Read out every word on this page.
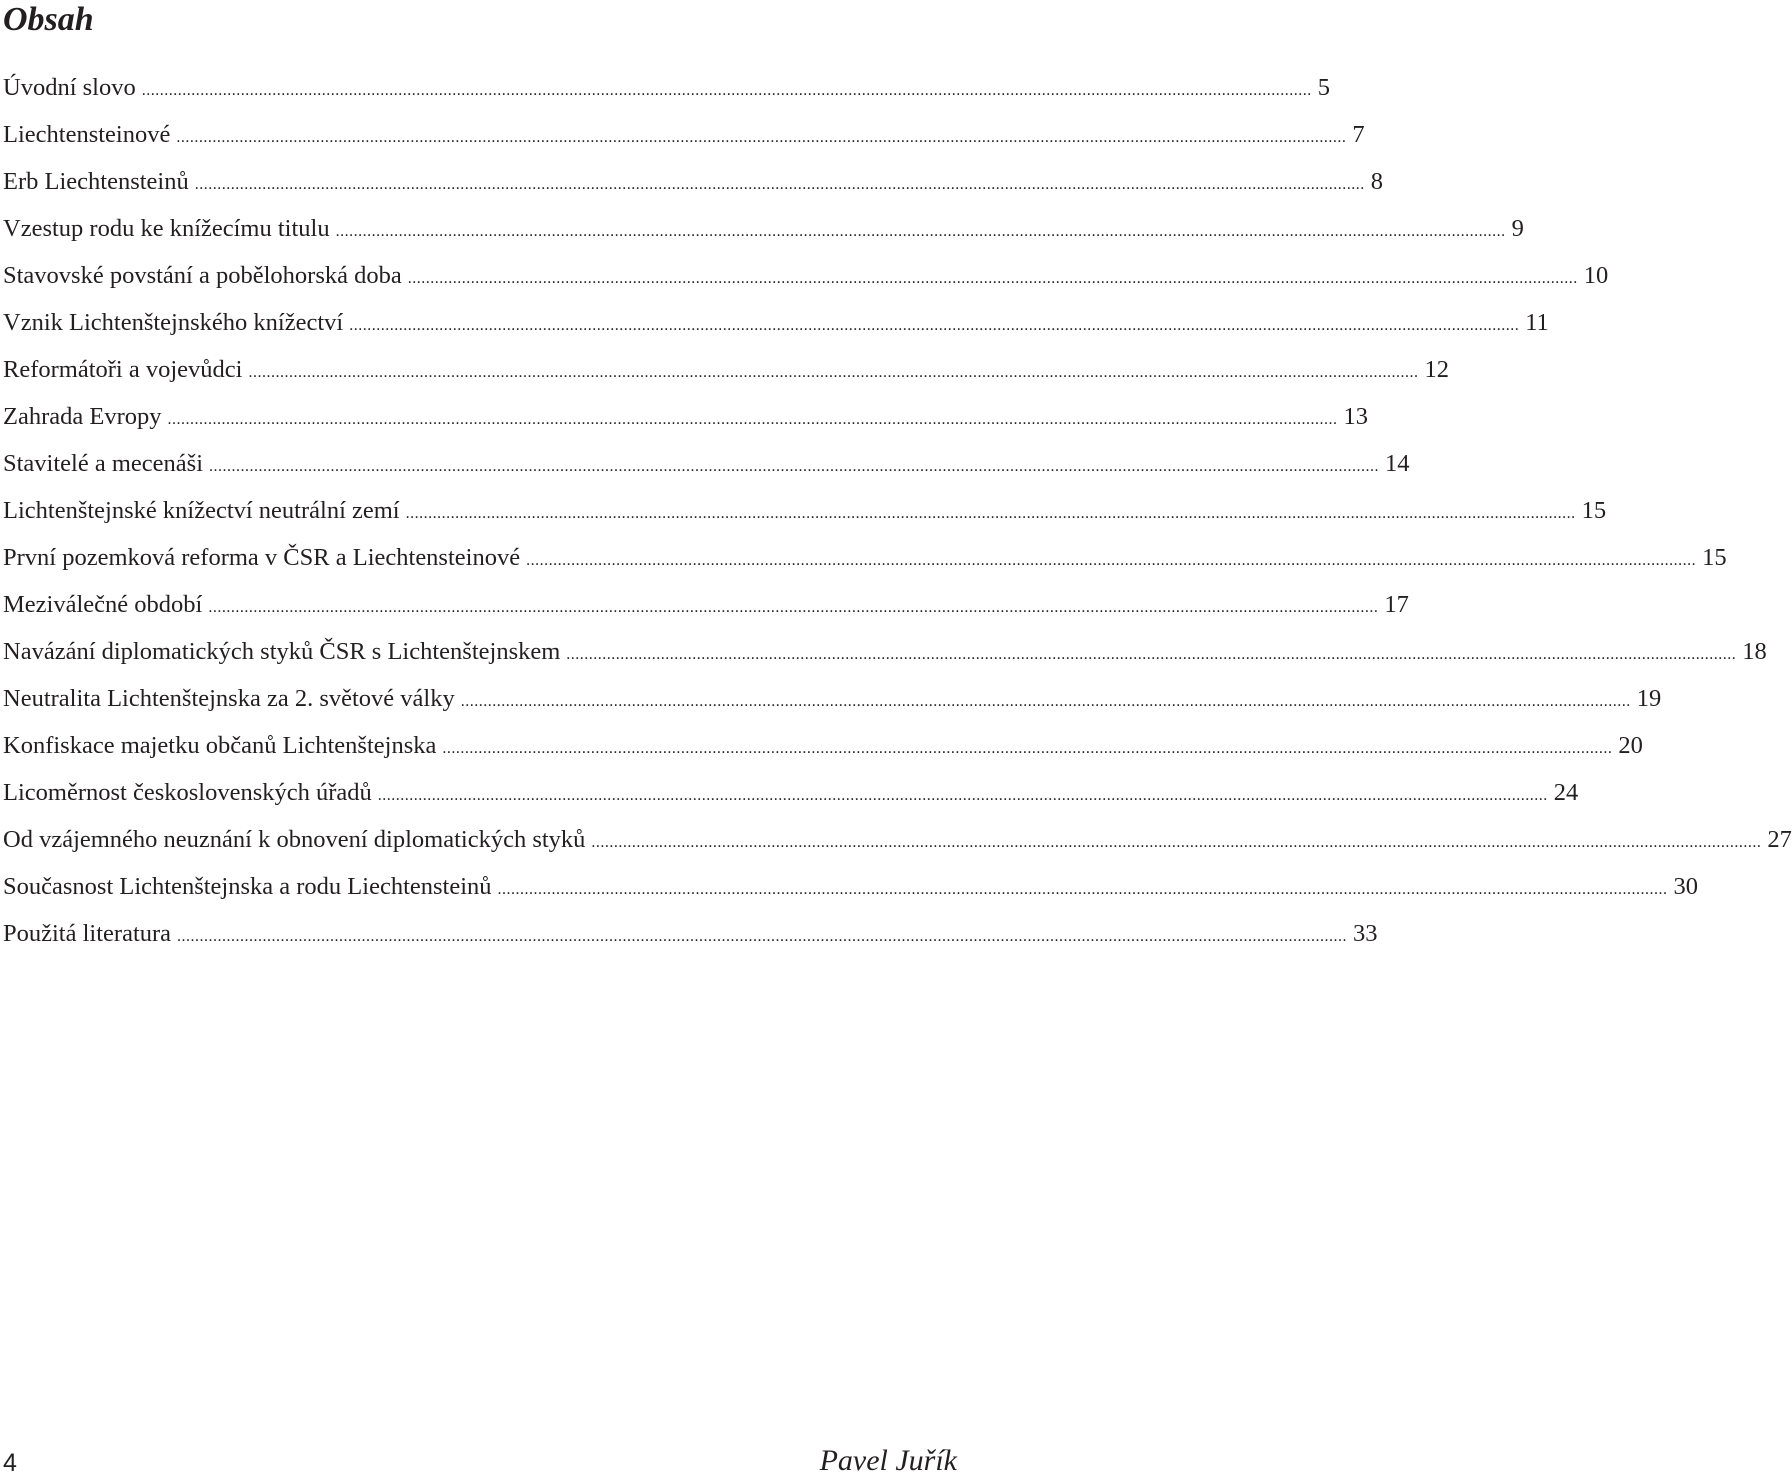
Obsah
Úvodní slovo .................................................................................................................................................................................................................................................................... 5
Liechtensteinové .................................................................................................................................................................................................................................................................... 7
Erb Liechtensteinů .................................................................................................................................................................................................................................................................... 8
Vzestup rodu ke knížecímu titulu .................................................................................................................................................................................................................................................................... 9
Stavovské povstání a pobělohorská doba .................................................................................................................................................................................................................................................................... 10
Vznik Lichtenštejnského knížectví .................................................................................................................................................................................................................................................................... 11
Reformátoři a vojevůdci .................................................................................................................................................................................................................................................................... 12
Zahrada Evropy .................................................................................................................................................................................................................................................................... 13
Stavitelé a mecenáši .................................................................................................................................................................................................................................................................... 14
Lichtenštejnské knížectví neutrální zemí .................................................................................................................................................................................................................................................................... 15
První pozemková reforma v ČSR a Liechtensteinové .................................................................................................................................................................................................................................................................... 15
Meziválečné období .................................................................................................................................................................................................................................................................... 17
Navázání diplomatických styků ČSR s Lichtenštejnskem .................................................................................................................................................................................................................................................................... 18
Neutralita Lichtenštejnska za 2. světové války .................................................................................................................................................................................................................................................................... 19
Konfiskace majetku občanů Lichtenštejnska .................................................................................................................................................................................................................................................................... 20
Licoměrnost československých úřadů .................................................................................................................................................................................................................................................................... 24
Od vzájemného neuznání k obnovení diplomatických styků .................................................................................................................................................................................................................................................................... 27
Současnost Lichtenštejnska a rodu Liechtensteinů .................................................................................................................................................................................................................................................................... 30
Použitá literatura .................................................................................................................................................................................................................................................................... 33
4	Pavel Juřík
